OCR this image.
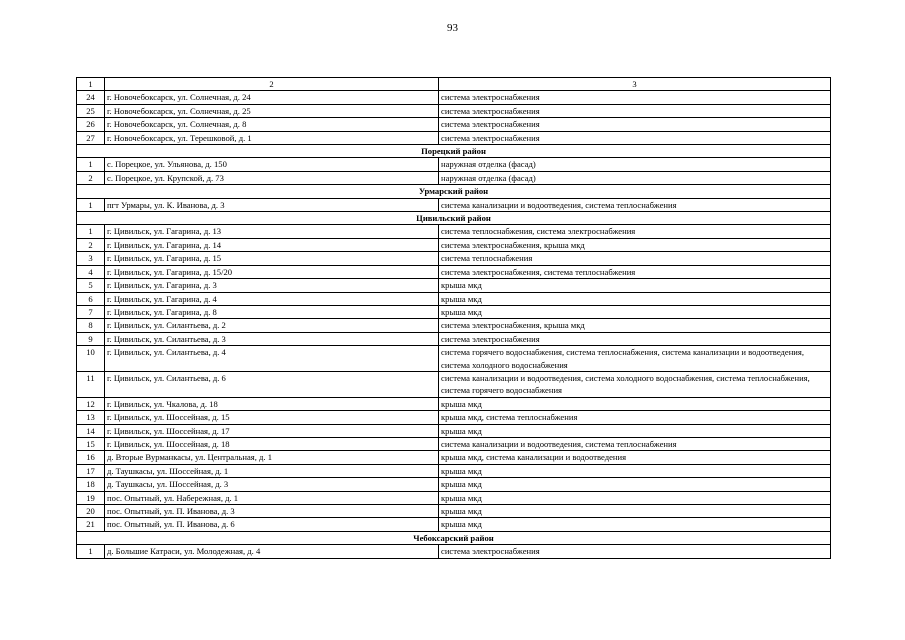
93
1	2	3
24	г. Новочебоксарск, ул. Солнечная, д. 24	система электроснабжения
25	г. Новочебоксарск, ул. Солнечная, д. 25	система электроснабжения
26	г. Новочебоксарск, ул. Солнечная, д. 8	система электроснабжения
27	г. Новочебоксарск, ул. Терешковой, д. 1	система электроснабжения
Порецкий район		
1	с. Порецкое, ул. Ульянова, д. 150	наружная отделка (фасад)
2	с. Порецкое, ул. Крупской, д. 73	наружная отделка (фасад)
Урмарский район		
1	пгт Урмары, ул. К. Иванова, д. 3	система канализации и водоотведения, система теплоснабжения
Цивильский район		
1	г. Цивильск, ул. Гагарина, д. 13	система теплоснабжения, система электроснабжения
2	г. Цивильск, ул. Гагарина, д. 14	система электроснабжения, крыша мкд
3	г. Цивильск, ул. Гагарина, д. 15	система теплоснабжения
4	г. Цивильск, ул. Гагарина, д. 15/20	система электроснабжения, система теплоснабжения
5	г. Цивильск, ул. Гагарина, д. 3	крыша мкд
6	г. Цивильск, ул. Гагарина, д. 4	крыша мкд
7	г. Цивильск, ул. Гагарина, д. 8	крыша мкд
8	г. Цивильск, ул. Силантьева, д. 2	система электроснабжения, крыша мкд
9	г. Цивильск, ул. Силантьева, д. 3	система электроснабжения
10	г. Цивильск, ул. Силантьева, д. 4	система горячего водоснабжения, система теплоснабжения, система канализации и водоотведения, система холодного водоснабжения
11	г. Цивильск, ул. Силантьева, д. 6	система канализации и водоотведения, система холодного водоснабжения, система теплоснабжения, система горячего водоснабжения
12	г. Цивильск, ул. Чкалова, д. 18	крыша мкд
13	г. Цивильск, ул. Шоссейная, д. 15	крыша мкд, система теплоснабжения
14	г. Цивильск, ул. Шоссейная, д. 17	крыша мкд
15	г. Цивильск, ул. Шоссейная, д. 18	система канализации и водоотведения, система теплоснабжения
16	д. Вторые Вурманкасы, ул. Центральная, д. 1	крыша мкд, система канализации и водоотведения
17	д. Таушкасы, ул. Шоссейная, д. 1	крыша мкд
18	д. Таушкасы, ул. Шоссейная, д. 3	крыша мкд
19	пос. Опытный, ул. Набережная, д. 1	крыша мкд
20	пос. Опытный, ул. П. Иванова, д. 3	крыша мкд
21	пос. Опытный, ул. П. Иванова, д. 6	крыша мкд
Чебоксарский район		
1	д. Большие Катраси, ул. Молодежная, д. 4	система электроснабжения
